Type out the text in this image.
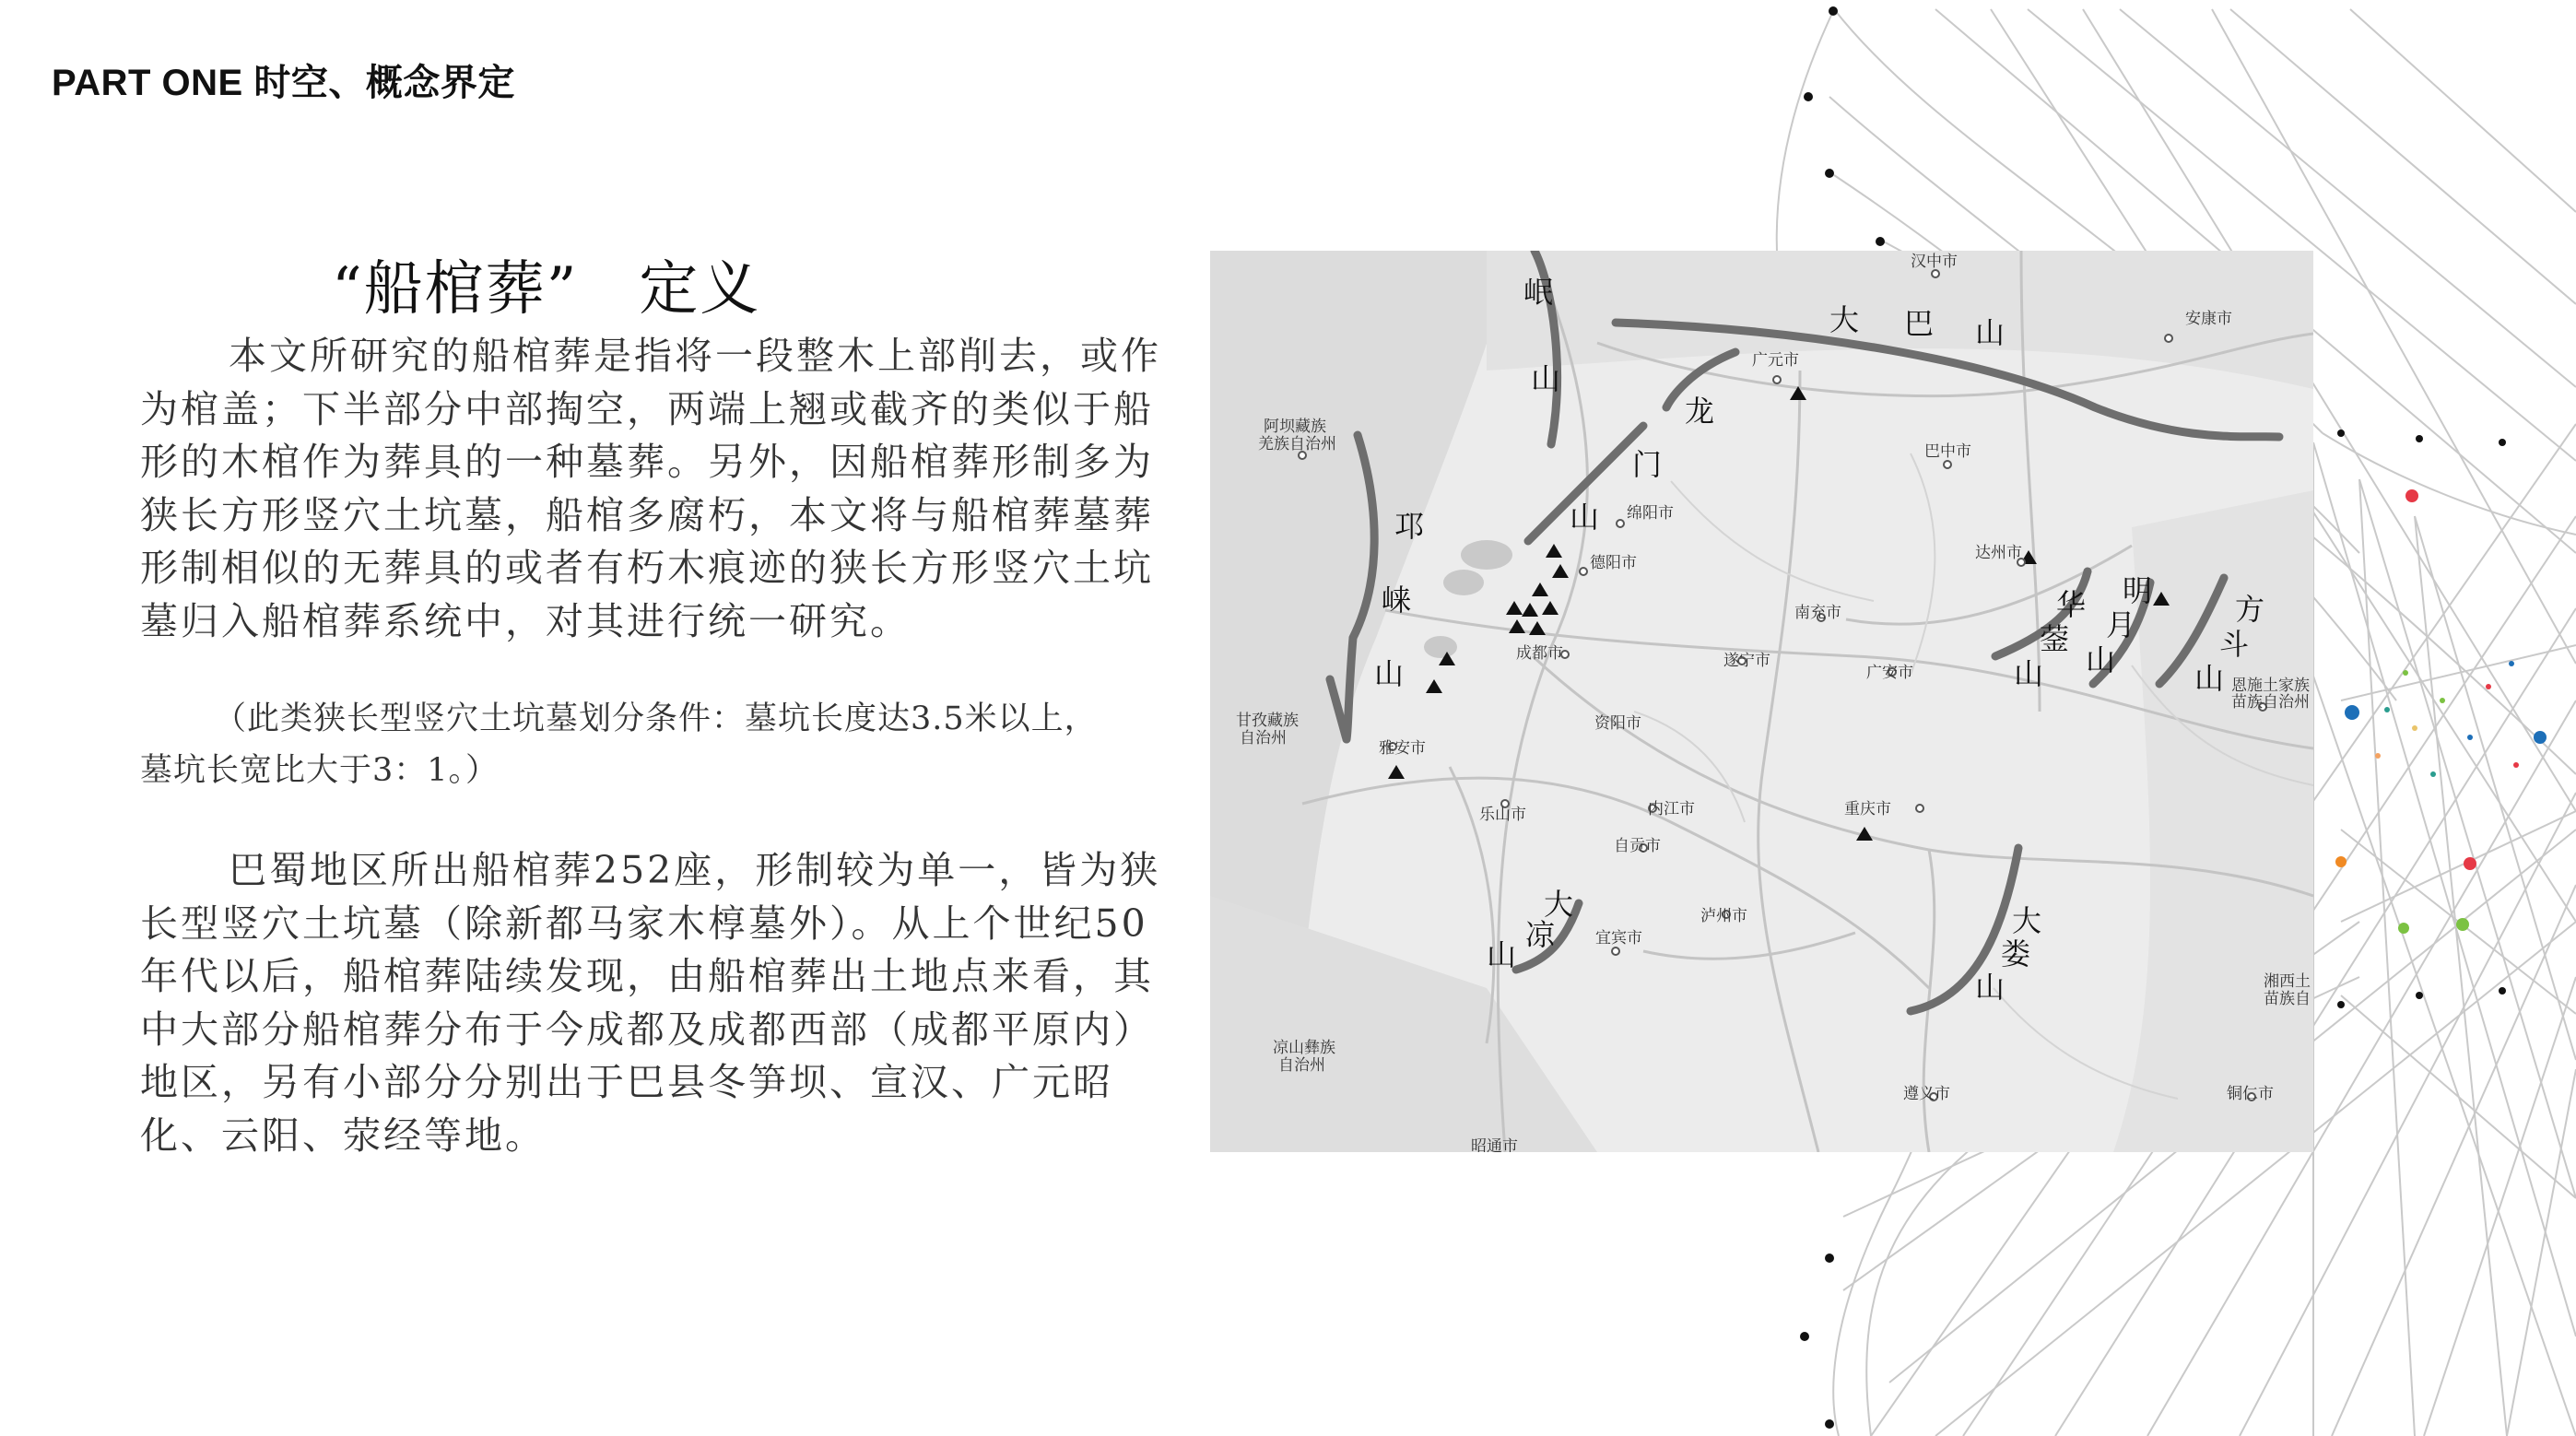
PART ONE 时空、概念界定
“船棺葬”　定义
本文所研究的船棺葬是指将一段整木上部削去，或作为棺盖；下半部分中部掏空，两端上翘或截齐的类似于船形的木棺作为葬具的一种墓葬。另外，因船棺葬形制多为狭长方形竖穴土坑墓，船棺多腐朽，本文将与船棺葬墓葬形制相似的无葬具的或者有朽木痕迹的狭长方形竖穴土坑墓归入船棺葬系统中，对其进行统一研究。
（此类狭长型竖穴土坑墓划分条件：墓坑长度达3.5米以上，
墓坑长宽比大于3：1。）
巴蜀地区所出船棺葬252座，形制较为单一，皆为狭长型竖穴土坑墓（除新都马家木椁墓外）。从上个世纪50年代以后，船棺葬陆续发现，由船棺葬出土地点来看，其中大部分船棺葬分布于今成都及成都西部（成都平原内）地区，另有小部分分别出于巴县冬笋坝、宣汉、广元昭化、云阳、荥经等地。
汉中市
安康市
广元市
阿坝藏族
羌族自治州	巴中市
绵阳市
达州市
德阳市
南充市
成都市	遂宁市
广安市
恩施土家族
苗族自治州
甘孜藏族
自治州
雅安市
资阳市
乐山市	内江市	重庆市
自贡市
泸州市
宜宾市
湘西土
苗族自
凉山彝族
自治州
遵义市	铜仁市
昭通市
岷
山
大 巴 山
龙
门
山
邛
崃
山
华
蓥
山
明
月
山
方
斗
山
大
凉
山
大
娄
山
